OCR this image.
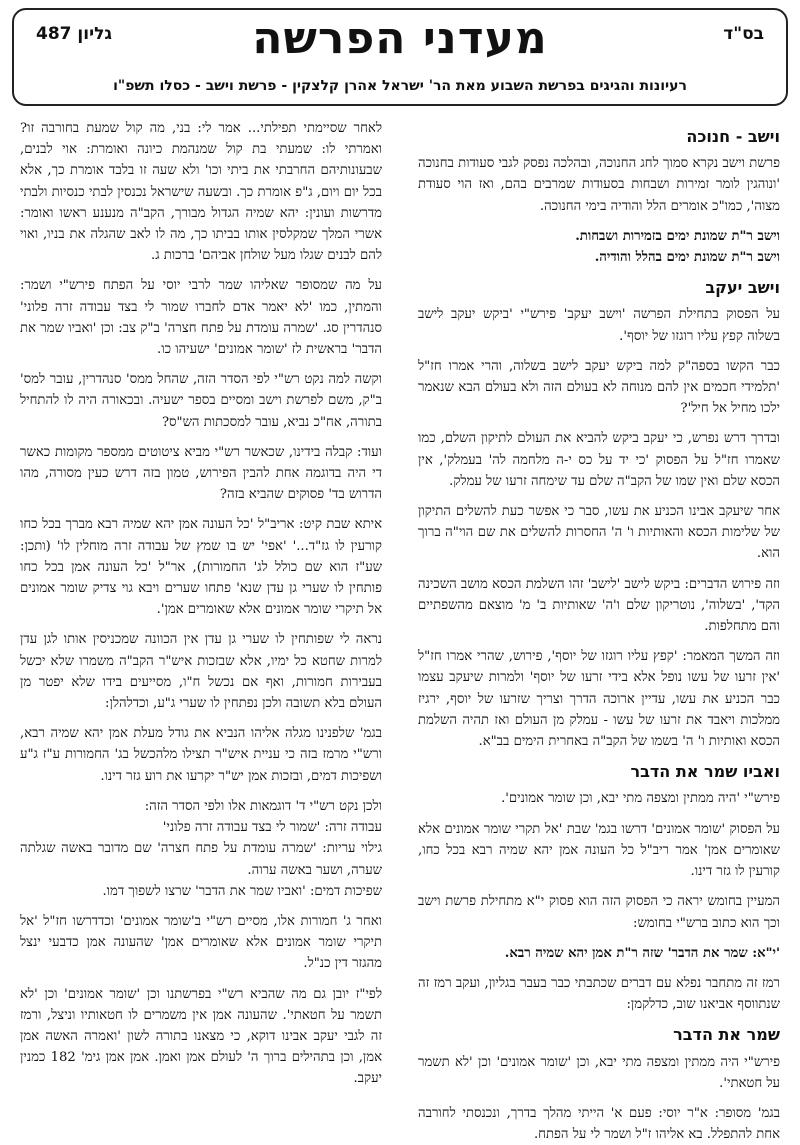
בס"ד
מעדני הפרשה
גליון 487
רעיונות והגיגים בפרשת השבוע מאת הר' ישראל אהרן קלצקין - פרשת וישב - כסלו תשפ"ו
וישב - חנוכה

פרשת וישב נקרא סמוך לחג החנוכה, ובהלכה נפסק לגבי סעודות בחנוכה 'ונוהגין לומר זמירות ושבחות בסעודות שמרבים בהם, ואז הוי סעודת מצוה', כמו"כ אומרים הלל והודיה בימי החנוכה.

וישב ר"ת שמונת ימים בזמירות ושבחות.

וישב ר"ת שמונת ימים בהלל והודיה.

וישב יעקב

על הפסוק בתחילת הפרשה 'וישב יעקב' פירש"י 'ביקש יעקב לישב בשלוה קפץ עליו רוגזו של יוסף'.

כבר הקשו בספה"ק למה ביקש יעקב לישב בשלוה, והרי אמרו חז"ל 'תלמידי חכמים אין להם מנוחה לא בעולם הזה ולא בעולם הבא שנאמר ילכו מחיל אל חיל'?

ובדרך דרש נפרש, כי יעקב ביקש להביא את העולם לתיקון השלם, כמו שאמרו חז"ל על הפסוק 'כי יד על כס י-ה מלחמה לה' בעמלק', אין הכסא שלם ואין שמו של הקב"ה שלם עד שימחה זרעו של עמלק.

אחר שיעקב אבינו הכניע את עשו, סבר כי אפשר כעת להשלים התיקון של שלימות הכסא והאותיות ו' ה' החסרות להשלים את שם הוי"ה ברוך הוא.

וזה פירוש הדברים: ביקש לישב 'לישב' זהו השלמת הכסא מושב השכינה הקד', 'בשלוה', נוטריקון שלם ו'ה' שאותיות ב' מ' מוצאם מהשפתיים והם מתחלפות.

וזה המשך המאמר: 'קפץ עליו רוגזו של יוסף', פירוש, שהרי אמרו חז"ל 'אין זרעו של עשו נופל אלא בידי זרעו של יוסף' ולמרות שיעקב עצמו כבר הכניע את עשו, עדיין ארוכה הדרך וצריך שזרעו של יוסף, ירגיז ממלכות ויאבד את זרעו של עשו - עמלק מן העולם ואז תהיה השלמת הכסא ואותיות ו' ה' בשמו של הקב"ה באחרית הימים בב"א.

ואביו שמר את הדבר

פירש"י 'היה ממתין ומצפה מתי יבא, וכן שומר אמונים'.

על הפסוק 'שומר אמונים' דרשו בגמ' שבת 'אל תקרי שומר אמונים אלא שאומרים אמן' אמר ריב"ל כל העונה אמן יהא שמיה רבא בכל כחו, קורעין לו גזר דינו.

המעיין בחומש יראה כי הפסוק הזה הוא פסוק י"א מתחילת פרשת וישב וכך הוא כתוב ברש"י בחומש:

'י"א: שמר את הדבר' שזה ר"ת אמן יהא שמיה רבא.

רמז זה מתחבר נפלא עם דברים שכתבתי כבר בעבר בגליון, ועקב רמז זה שנתווסף אביאנו שוב, כדלקמן:

שמר את הדבר

פירש"י היה ממתין ומצפה מתי יבא, וכן 'שומר אמונים' וכן 'לא תשמר על חטאתי'.

בגמ' מסופר: א"ר יוסי: פעם א' הייתי מהלך בדרך, ונכנסתי לחורבה אחת להתפלל. בא אליהו ז"ל ושמר לי על הפתח.

לאחר שסיימתי תפילתי... אמר לי: בני, מה קול שמעת בחורבה זו? ואמרתי לו: שמעתי בת קול שמנהמת כיונה ואומרת: אוי לבנים, שבעונותיהם החרבתי את ביתי וכו' ולא שעה זו בלבד אומרת כך, אלא בכל יום ויום, ג"פ אומרת כך. ובשעה שישראל נכנסין לבתי כנסיות ולבתי מדרשות ועונין: יהא שמיה הגדול מבורך, הקב"ה מנענע ראשו ואומר: אשרי המלך שמקלסין אותו בביתו כך, מה לו לאב שהגלה את בניו, ואוי להם לבנים שגלו מעל שולחן אביהם' ברכות ג.

על מה שמסופר שאליהו שמר לרבי יוסי על הפתח פירש"י ושמר: והמתין, כמו 'לא יאמר אדם לחברו שמור לי בצד עבודה זרה פלוני' סנהדרין סג. 'שמרה עומדת על פתח חצרה' ב"ק צב: וכן 'ואביו שמר את הדבר' בראשית לז 'שומר אמונים' ישעיהו כו.

וקשה למה נקט רש"י לפי הסדר הזה, שהחל ממס' סנהדרין, עובר למס' ב"ק, משם לפרשת וישב ומסיים בספר ישעיה. ובכאורה היה לו להתחיל בתורה, אח"כ נביא, עובר למסכתות הש"ס?

ועוד: קבלה בידינו, שכאשר רש"י מביא ציטוטים ממספר מקומות כאשר די היה בדוגמה אחת להבין הפירוש, טמון בזה דרש כעין מסורה, מהו הדרוש בד' פסוקים שהביא בזה?

איתא שבת קיט: אריב"ל 'כל העונה אמן יהא שמיה רבא מברך בכל כחו קורעין לו גז"ד...' 'אפי' יש בו שמץ של עבודה זרה מוחלין לו' (ותכן: שע"ז הוא שם כולל לג' החמורות), אר"ל 'כל העונה אמן בכל כחו פותחין לו שערי גן עדן שנא' פתחו שערים ויבא גוי צדיק שומר אמונים אל תיקרי שומר אמונים אלא שאומרים אמן'.

נראה לי שפותחין לו שערי גן עדן אין הכוונה שמכניסין אותו לגן עדן למרות שחטא כל ימיו, אלא שבזכות איש"ר הקב"ה משמרו שלא יכשל בעבירות חמורות, ואף אם נכשל ח"ו, מסייעים בידו שלא יפטר מן העולם בלא תשובה ולכן נפתחין לו שערי ג"ע, וכדלהלן:

בגמ' שלפנינו מגלה אליהו הנביא את גודל מעלת אמן יהא שמיה רבא, ורש"י מרמז בזה כי עניית איש"ר תצילו מלהכשל בג' החמורות ע"ז ג"ע ושפיכות דמים, ובזכות אמן יש"ר יקרעו את רוע גזר דינו.

ולכן נקט רש"י ד' דוגמאות אלו ולפי הסדר הזה:

עבודה זרה: 'שמור לי בצד עבודה זרה פלוני'

גילוי עריות: 'שמרה עומדת על פתח חצרה' שם מדובר באשה שגלתה שערה, ושער באשה ערוה.

שפיכות דמים: 'ואביו שמר את הדבר' שרצו לשפוך דמו.

ואחר ג' חמורות אלו, מסיים רש"י ב'שומר אמונים' וכדדרשו חז"ל 'אל תיקרי שומר אמונים אלא שאומרים אמן' שהעונה אמן כדבעי ינצל מהגזר דין כנ"ל.

לפי"ז יובן גם מה שהביא רש"י בפרשתנו וכן 'שומר אמונים' וכן 'לא תשמר על חטאתי'. שהעונה אמן אין משמרים לו חטאותיו וניצל, ורמז זה לגבי יעקב אבינו דוקא, כי מצאנו בתורה לשון 'ואמרה האשה אמן אמן, וכן בתהילים ברוך ה' לעולם אמן ואמן. אמן אמן גימ' 182 כמנין יעקב.
